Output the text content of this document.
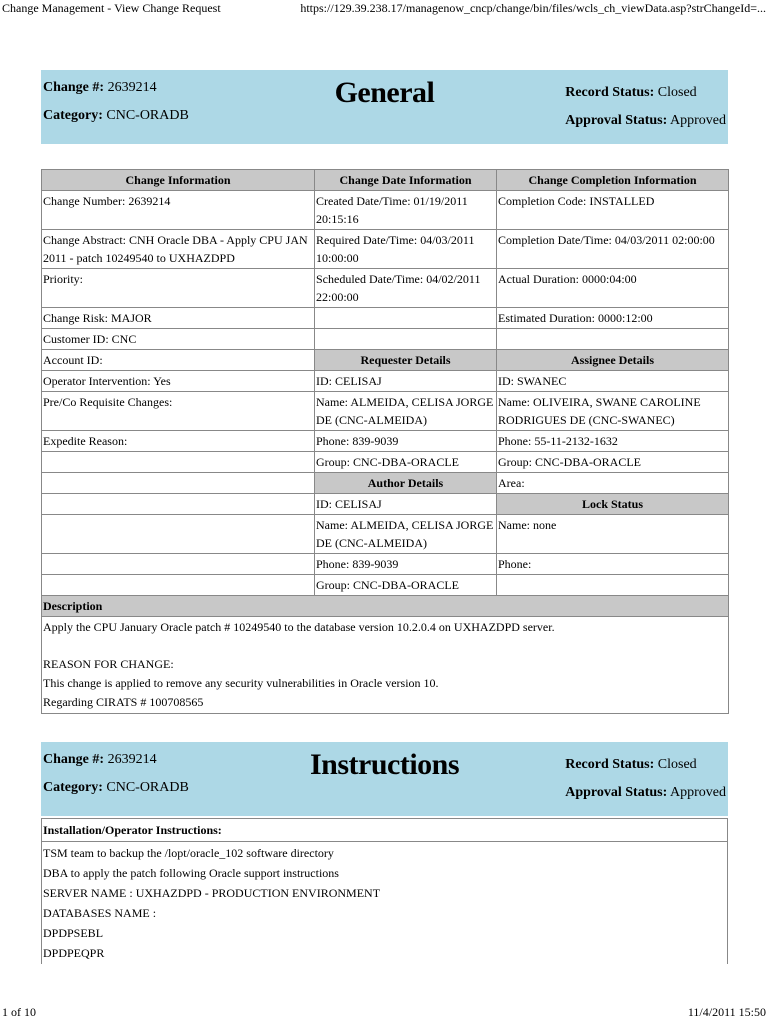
Change Management - View Change Request	https://129.39.238.17/managenow_cncp/change/bin/files/wcls_ch_viewData.asp?strChangeId=...
Change #: 2639214
Category: CNC-ORADB
General	Record Status: Closed
Approval Status: Approved
Change Information	Change Date Information	Change Completion Information
Change Number: 2639214	Created Date/Time: 01/19/2011 20:15:16	Completion Code: INSTALLED
Change Abstract: CNH Oracle DBA - Apply CPU JAN 2011 - patch 10249540 to UXHAZDPD	Required Date/Time: 04/03/2011 10:00:00	Completion Date/Time: 04/03/2011 02:00:00
Priority:	Scheduled Date/Time: 04/02/2011 22:00:00	Actual Duration: 0000:04:00
Change Risk: MAJOR		Estimated Duration: 0000:12:00
Customer ID: CNC		
Account ID:	Requester Details	Assignee Details
Operator Intervention: Yes	ID: CELISAJ	ID: SWANEC
Pre/Co Requisite Changes:	Name: ALMEIDA, CELISA JORGE DE (CNC-ALMEIDA)	Name: OLIVEIRA, SWANE CAROLINE RODRIGUES DE (CNC-SWANEC)
Expedite Reason:	Phone: 839-9039	Phone: 55-11-2132-1632
	Group: CNC-DBA-ORACLE	Group: CNC-DBA-ORACLE
	Author Details	Area:
	ID: CELISAJ	Lock Status
	Name: ALMEIDA, CELISA JORGE DE (CNC-ALMEIDA)	Name: none
	Phone: 839-9039	Phone:
	Group: CNC-DBA-ORACLE	
Description		

Apply the CPU January Oracle patch # 10249540 to the database version 10.2.0.4 on UXHAZDPD server.
REASON FOR CHANGE:
This change is applied to remove any security vulnerabilities in Oracle version 10.
Regarding CIRATS # 100708565		
Change #: 2639214
Category: CNC-ORADB
Instructions	Record Status: Closed
Approval Status: Approved
Installation/Operator Instructions:

TSM team to backup the /lopt/oracle_102 software directory
DBA to apply the patch following Oracle support instructions
SERVER NAME : UXHAZDPD - PRODUCTION ENVIRONMENT
DATABASES NAME :
DPDPSEBL
DPDPEQPR
1 of 10	11/4/2011 15:50
